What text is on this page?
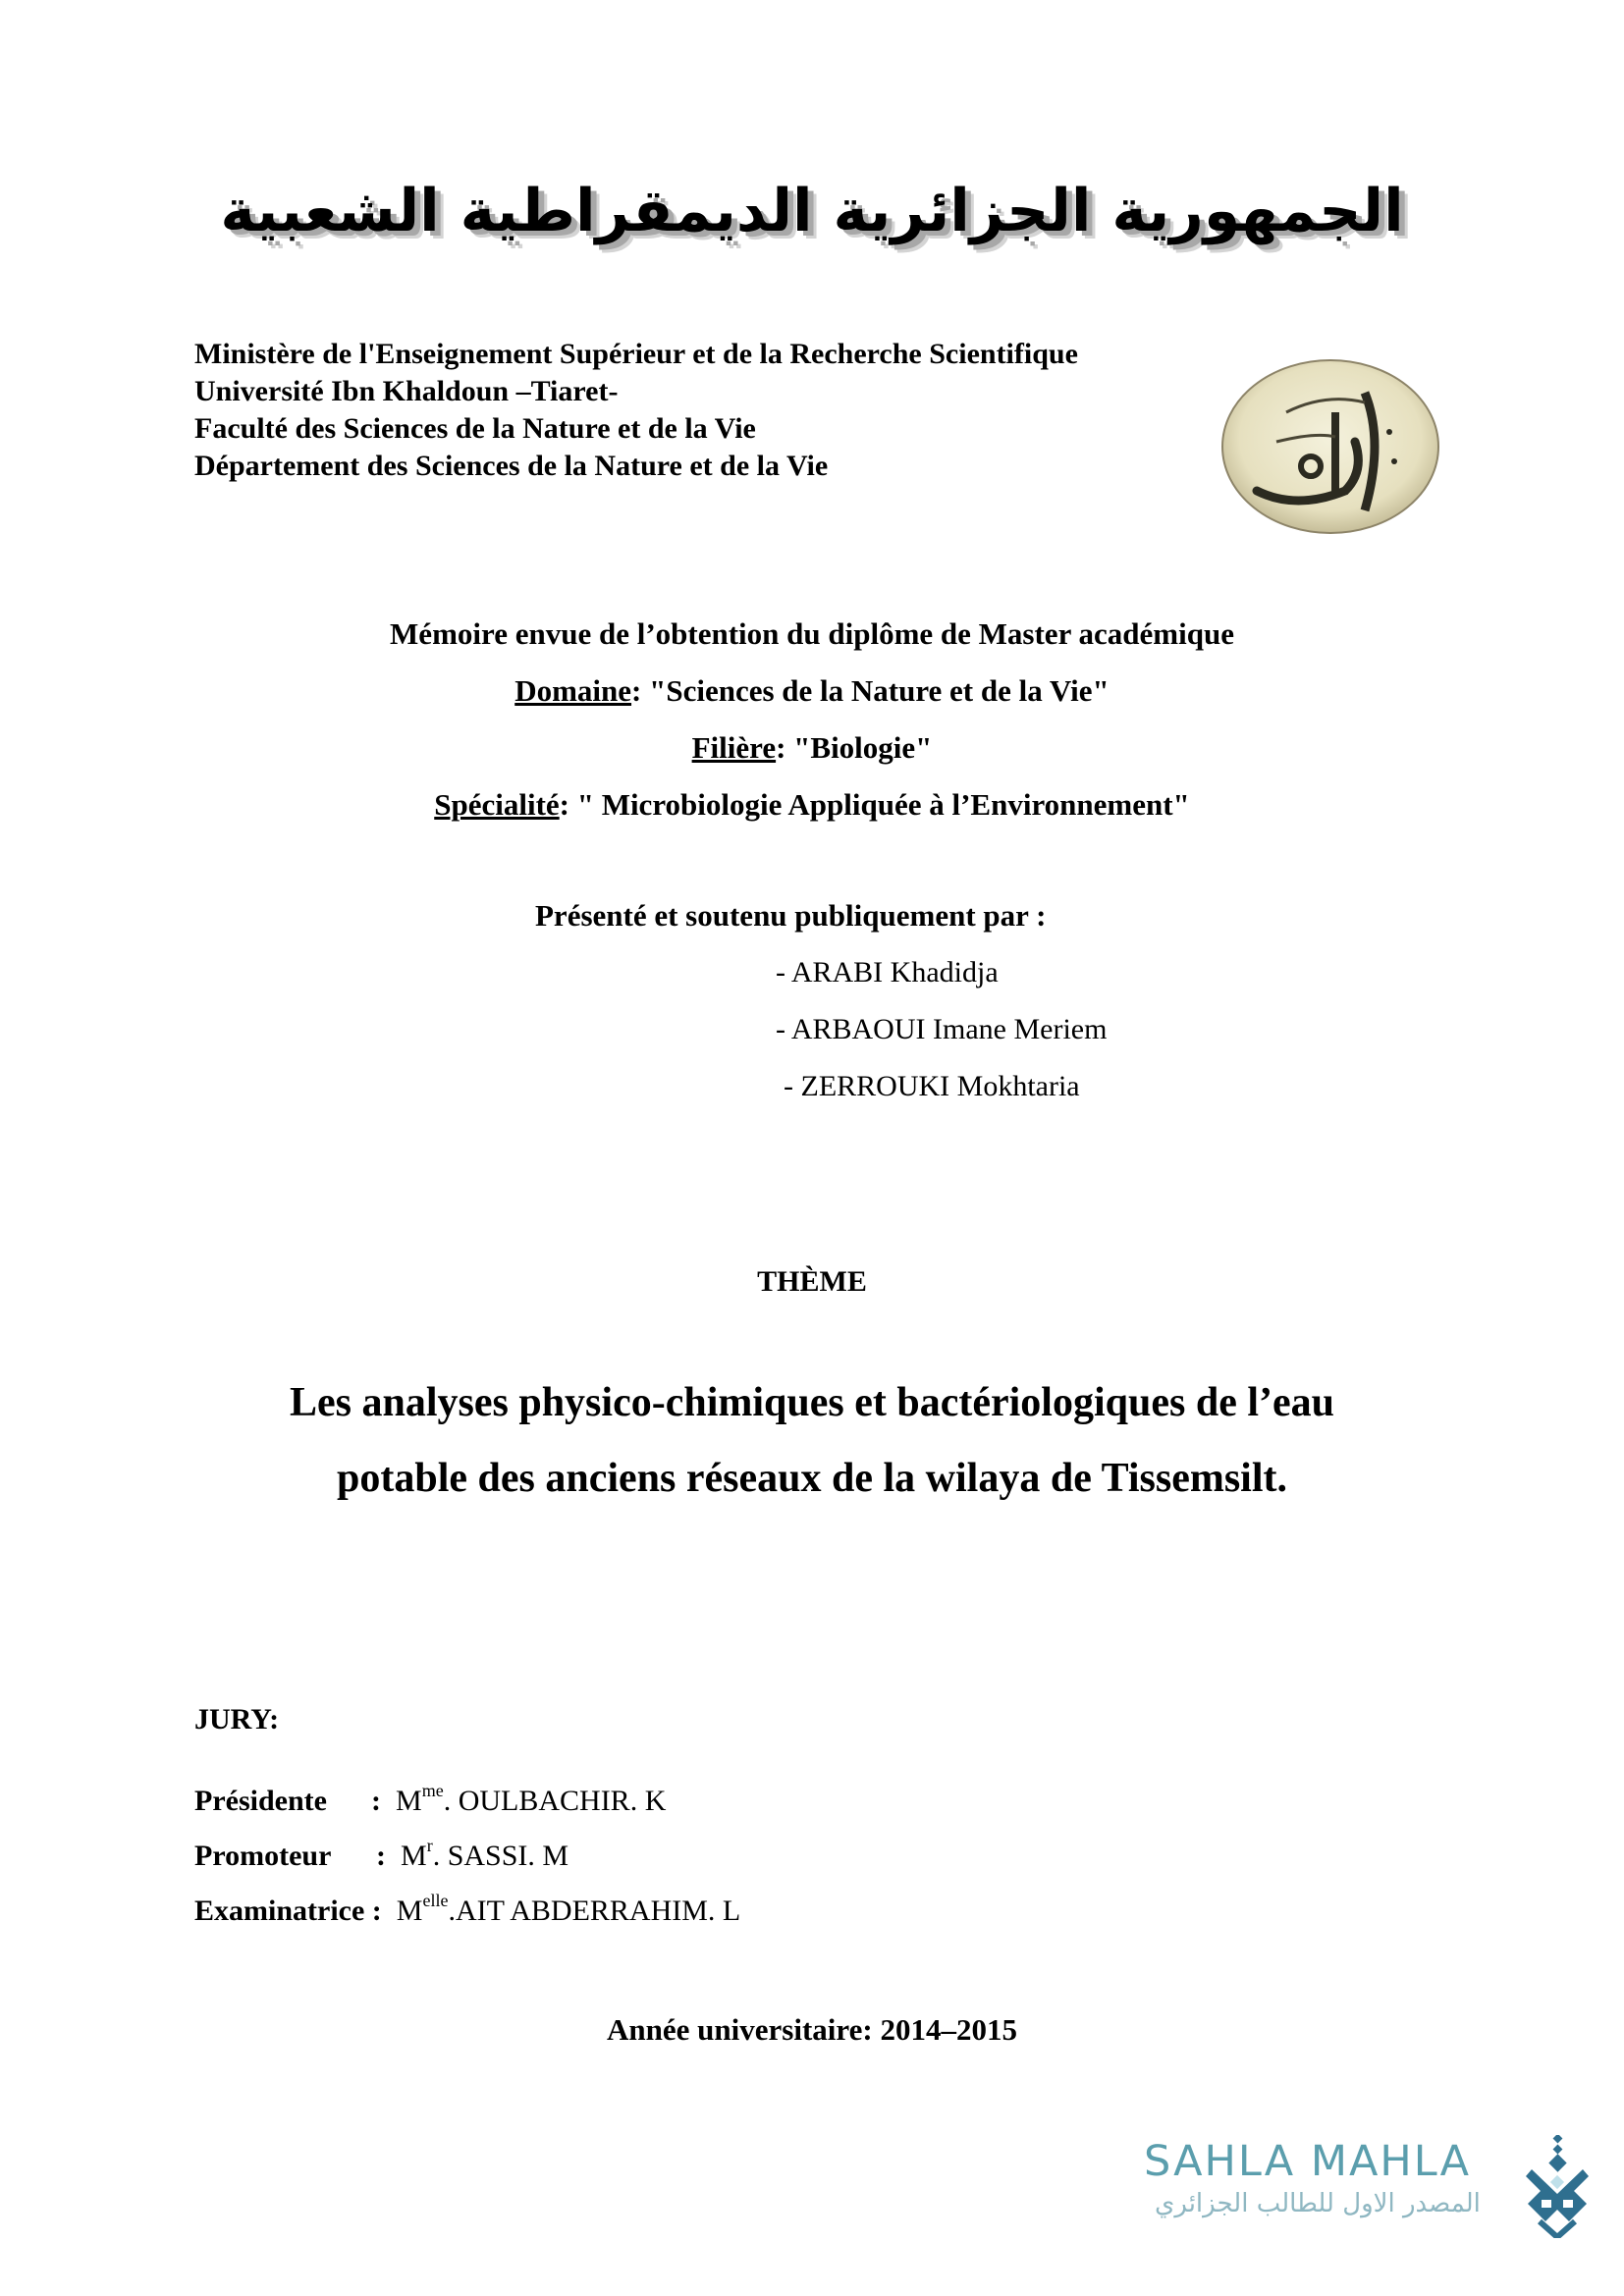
الجمهورية الجزائرية الديمقراطية الشعبية
Ministère de l'Enseignement Supérieur et de la Recherche Scientifique
Université Ibn Khaldoun –Tiaret-
Faculté des Sciences de la Nature et de la Vie
Département des Sciences de la Nature et de la Vie
Mémoire envue de l’obtention du diplôme de Master académique
Domaine: "Sciences de la Nature et de la Vie"
Filière: "Biologie"
Spécialité: " Microbiologie Appliquée à l’Environnement"
Présenté et soutenu publiquement par :
- ARABI Khadidja
- ARBAOUI Imane Meriem
- ZERROUKI Mokhtaria
THÈME
Les analyses physico-chimiques et bactériologiques de l’eau
potable des anciens réseaux de la wilaya de Tissemsilt.
JURY:
Présidente : $M^{me}$. OULBACHIR. K
Promoteur : $M^r$. SASSI. M
Examinatrice : $M^{elle}.AIT$ ABDERRAHIM. L
Année universitaire: 2014–2015
SAHLA MAHLA
المصدر الاول للطالب الجزائري
